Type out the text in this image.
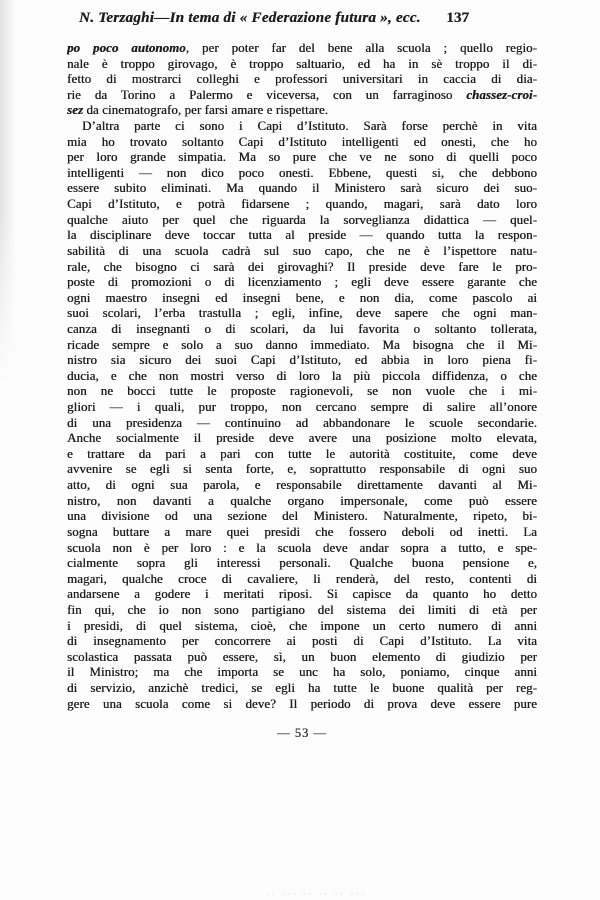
N. Terzaghi—In tema di « Federazione futura », ecc. 137
po poco autonomo, per poter far del bene alla scuola ; quello regio-
nale è troppo girovago, è troppo saltuario, ed ha in sè troppo il di-
fetto di mostrarci colleghi e professori universitari in caccia di dia-
rie da Torino a Palermo e viceversa, con un farraginoso chassez-croi-
sez da cinematografo, per farsi amare e rispettare.
D’altra parte ci sono i Capi d’Istituto. Sarà forse perchè in vita
mia ho trovato soltanto Capi d’Istituto intelligenti ed onesti, che ho
per loro grande simpatia. Ma so pure che ve ne sono di quelli poco
intelligenti — non dico poco onesti. Ebbene, questi si, che debbono
essere subito eliminati. Ma quando il Ministero sarà sicuro dei suo-
Capi d’Istituto, e potrà fidarsene ; quando, magari, sarà dato loro
qualche aiuto per quel che riguarda la sorveglianza didattica — quel-
la disciplinare deve toccar tutta al preside — quando tutta la respon-
sabilità di una scuola cadrà sul suo capo, che ne è l’ispettore natu-
rale, che bisogno ci sarà dei girovaghi? Il preside deve fare le pro-
poste di promozioni o di licenziamento ; egli deve essere garante che
ogni maestro insegni ed insegni bene, e non dia, come pascolo ai
suoi scolari, l’erba trastulla ; egli, infine, deve sapere che ogni man-
canza di insegnanti o di scolari, da lui favorita o soltanto tollerata,
ricade sempre e solo a suo danno immediato. Ma bisogna che il Mi-
nistro sia sicuro dei suoi Capi d’Istituto, ed abbia in loro piena fi-
ducia, e che non mostri verso di loro la più piccola diffidenza, o che
non ne bocci tutte le proposte ragionevoli, se non vuole che i mi-
gliori — i quali, pur troppo, non cercano sempre di salire all’onore
di una presidenza — continuino ad abbandonare le scuole secondarie.
Anche socialmente il preside deve avere una posizione molto elevata,
e trattare da pari a pari con tutte le autorità costituite, come deve
avvenire se egli si senta forte, e, soprattutto responsabile di ogni suo
atto, di ogni sua parola, e responsabile direttamente davanti al Mi-
nistro, non davanti a qualche organo impersonale, come può essere
una divisione od una sezione del Ministero. Naturalmente, ripeto, bi-
sogna buttare a mare quei presidi che fossero deboli od inetti. La
scuola non è per loro : e la scuola deve andar sopra a tutto, e spe-
cialmente sopra gli interessi personali. Qualche buona pensione e,
magari, qualche croce di cavaliere, li renderà, del resto, contenti di
andarsene a godere i meritati riposi. Si capisce da quanto ho detto
fin qui, che io non sono partigiano del sistema dei limiti di età per
i presidi, di quel sistema, cioè, che impone un certo numero di anni
di insegnamento per concorrere ai posti di Capi d’Istituto. La vita
scolastica passata può essere, sì, un buon elemento di giudizio per
il Ministro; ma che importa se unc ha solo, poniamo, cinque anni
di servizio, anzichè tredici, se egli ha tutte le buone qualità per reg-
gere una scuola come si deve? Il periodo di prova deve essere pure
— 53 —
·· ··· ·· ·· ·· ···
